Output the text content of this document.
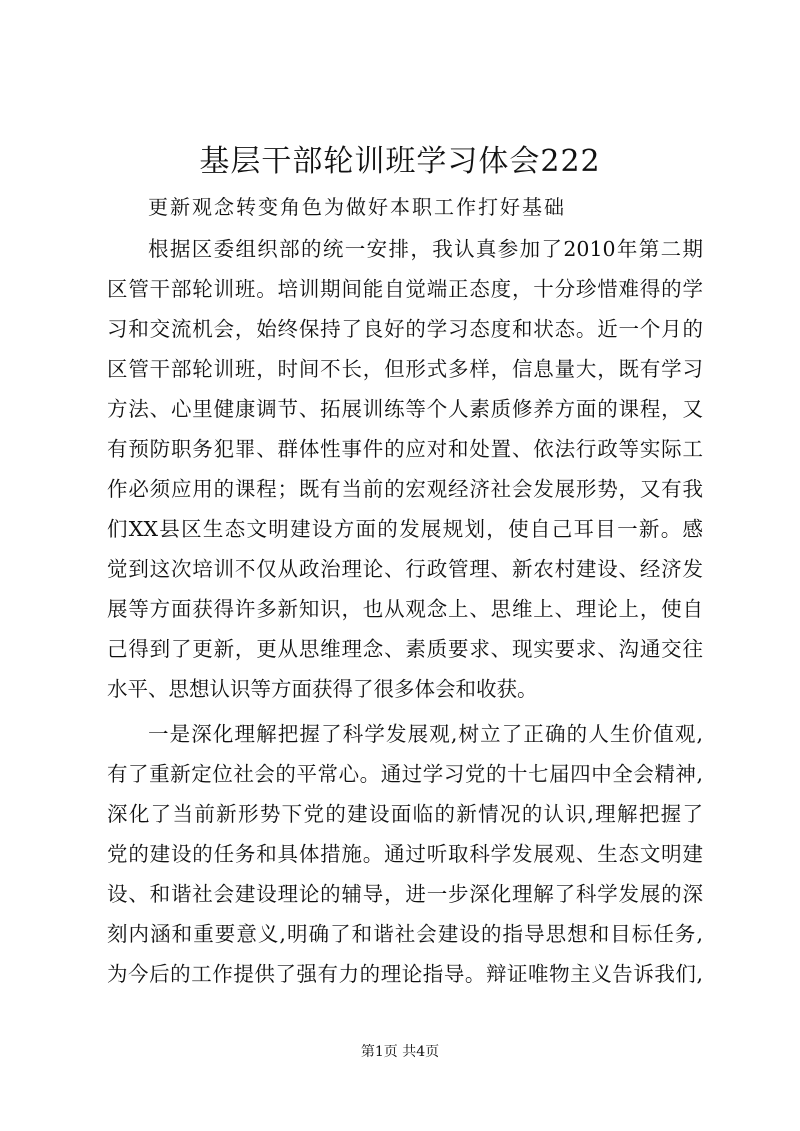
基层干部轮训班学习体会222

更新观念转变角色为做好本职工作打好基础

根据区委组织部的统一安排，我认真参加了2010年第二期

区管干部轮训班。培训期间能自觉端正态度，十分珍惜难得的学

习和交流机会，始终保持了良好的学习态度和状态。近一个月的

区管干部轮训班，时间不长，但形式多样，信息量大，既有学习

方法、心里健康调节、拓展训练等个人素质修养方面的课程，又

有预防职务犯罪、群体性事件的应对和处置、依法行政等实际工

作必须应用的课程；既有当前的宏观经济社会发展形势，又有我

们XX县区生态文明建设方面的发展规划，使自己耳目一新。感

觉到这次培训不仅从政治理论、行政管理、新农村建设、经济发

展等方面获得许多新知识，也从观念上、思维上、理论上，使自

己得到了更新，更从思维理念、素质要求、现实要求、沟通交往

水平、思想认识等方面获得了很多体会和收获。

一是深化理解把握了科学发展观,树立了正确的人生价值观,

有了重新定位社会的平常心。通过学习党的十七届四中全会精神,

深化了当前新形势下党的建设面临的新情况的认识,理解把握了

党的建设的任务和具体措施。通过听取科学发展观、生态文明建

设、和谐社会建设理论的辅导，进一步深化理解了科学发展的深

刻内涵和重要意义,明确了和谐社会建设的指导思想和目标任务,

为今后的工作提供了强有力的理论指导。辩证唯物主义告诉我们,

第1页 共4页
